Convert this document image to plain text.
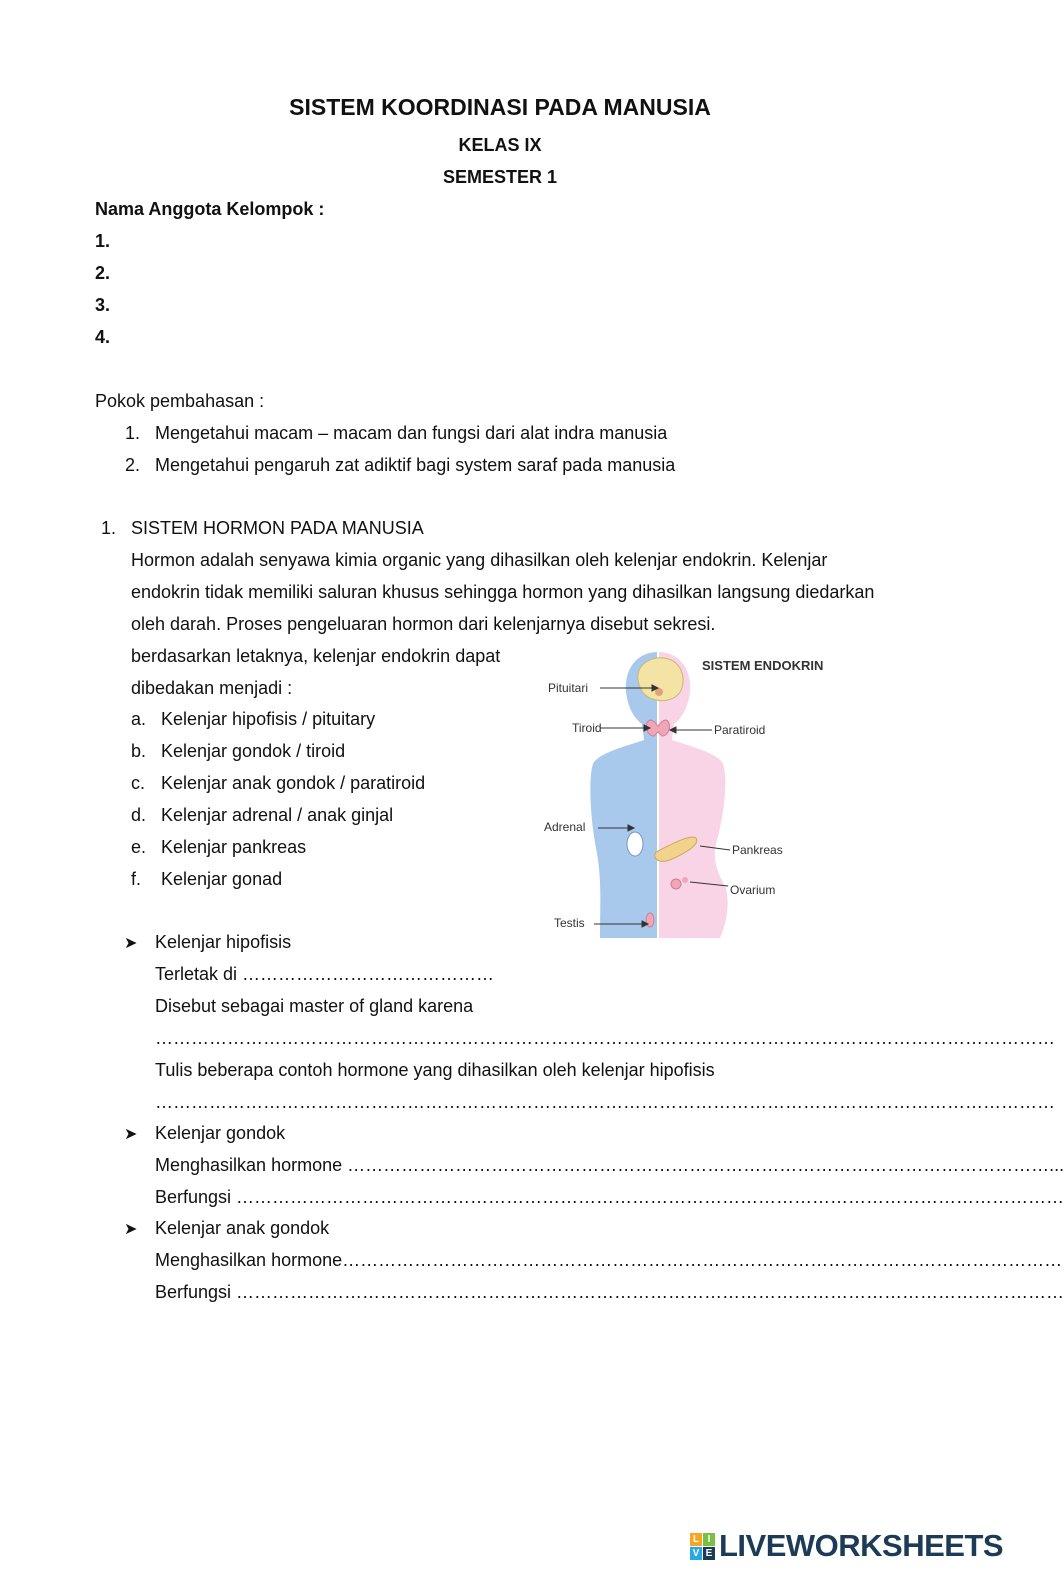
SISTEM KOORDINASI PADA MANUSIA
KELAS IX
SEMESTER 1
Nama Anggota Kelompok :
1.
2.
3.
4.
Pokok pembahasan :
1. Mengetahui macam – macam dan fungsi dari alat indra manusia
2. Mengetahui pengaruh zat adiktif bagi system saraf pada manusia
1. SISTEM HORMON PADA MANUSIA
Hormon adalah senyawa kimia organic yang dihasilkan oleh kelenjar endokrin. Kelenjar
endokrin tidak memiliki saluran khusus sehingga hormon yang dihasilkan langsung diedarkan
oleh darah. Proses pengeluaran hormon dari kelenjarnya disebut sekresi.
berdasarkan letaknya, kelenjar endokrin dapat
dibedakan menjadi :
a. Kelenjar hipofisis / pituitary
b. Kelenjar gondok / tiroid
c. Kelenjar anak gondok / paratiroid
d. Kelenjar adrenal / anak ginjal
e. Kelenjar pankreas
f. Kelenjar gonad
SISTEM ENDOKRIN
Pituitari
Tiroid	Paratiroid
Adrenal
Pankreas
Ovarium
Testis
➤ Kelenjar hipofisis
Terletak di ……………………………………
Disebut sebagai master of gland karena
……………………………………………………………………………………………………………………………………
Tulis beberapa contoh hormone yang dihasilkan oleh kelenjar hipofisis
……………………………………………………………………………………………………………………………………
➤ Kelenjar gondok
Menghasilkan hormone ………………………………………………………………………………………………………...
Berfungsi …………………………………………………………………………………………………………………………
➤ Kelenjar anak gondok
Menghasilkan hormone…………………………………………………………………………………………………………
Berfungsi …………………………………………………………………………………………………………………………
L I
V E LIVEWORKSHEETS
